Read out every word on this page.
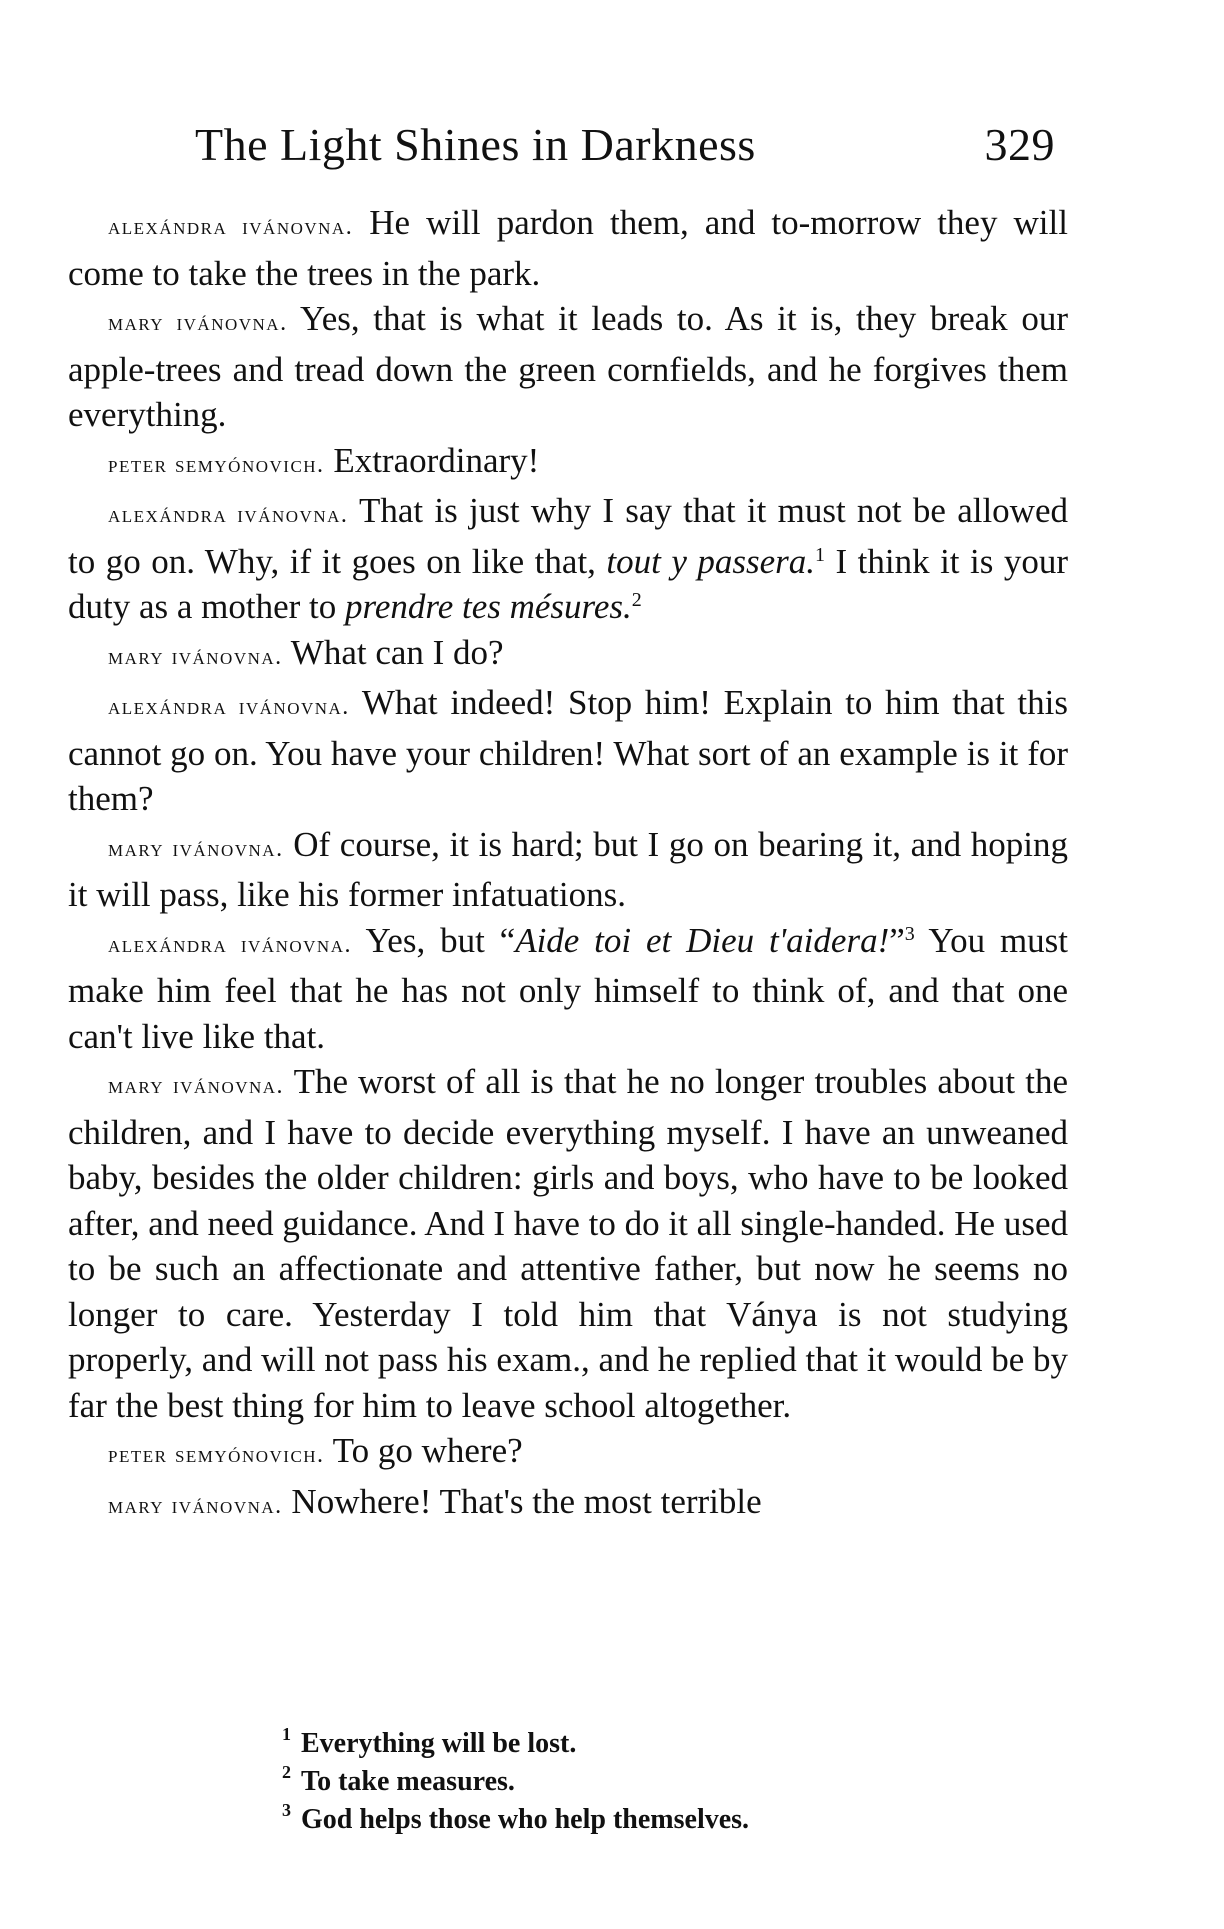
The Light Shines in Darkness	329

alexándra ivánovna. He will pardon them, and to-morrow they will come to take the trees in the park.

mary ivánovna. Yes, that is what it leads to. As it is, they break our apple-trees and tread down the green cornfields, and he forgives them everything.

peter semyónovich. Extraordinary!

alexándra ivánovna. That is just why I say that it must not be allowed to go on. Why, if it goes on like that, tout y passera.$^1$ I think it is your duty as a mother to prendre tes mésures.$^2$

mary ivánovna. What can I do?

alexándra ivánovna. What indeed! Stop him! Explain to him that this cannot go on. You have your children! What sort of an example is it for them?

mary ivánovna. Of course, it is hard; but I go on bearing it, and hoping it will pass, like his former infatuations.

alexándra ivánovna. Yes, but “Aide toi et Dieu t'aidera!”$^3$ You must make him feel that he has not only himself to think of, and that one can't live like that.

mary ivánovna. The worst of all is that he no longer troubles about the children, and I have to decide everything myself. I have an unweaned baby, besides the older children: girls and boys, who have to be looked after, and need guidance. And I have to do it all single-handed. He used to be such an affectionate and attentive father, but now he seems no longer to care. Yesterday I told him that Ványa is not studying properly, and will not pass his exam., and he replied that it would be by far the best thing for him to leave school altogether.

peter semyónovich. To go where?

mary ivánovna. Nowhere! That's the most terrible

$^1$ Everything will be lost.
$^2$ To take measures.
$^3$ God helps those who help themselves.
